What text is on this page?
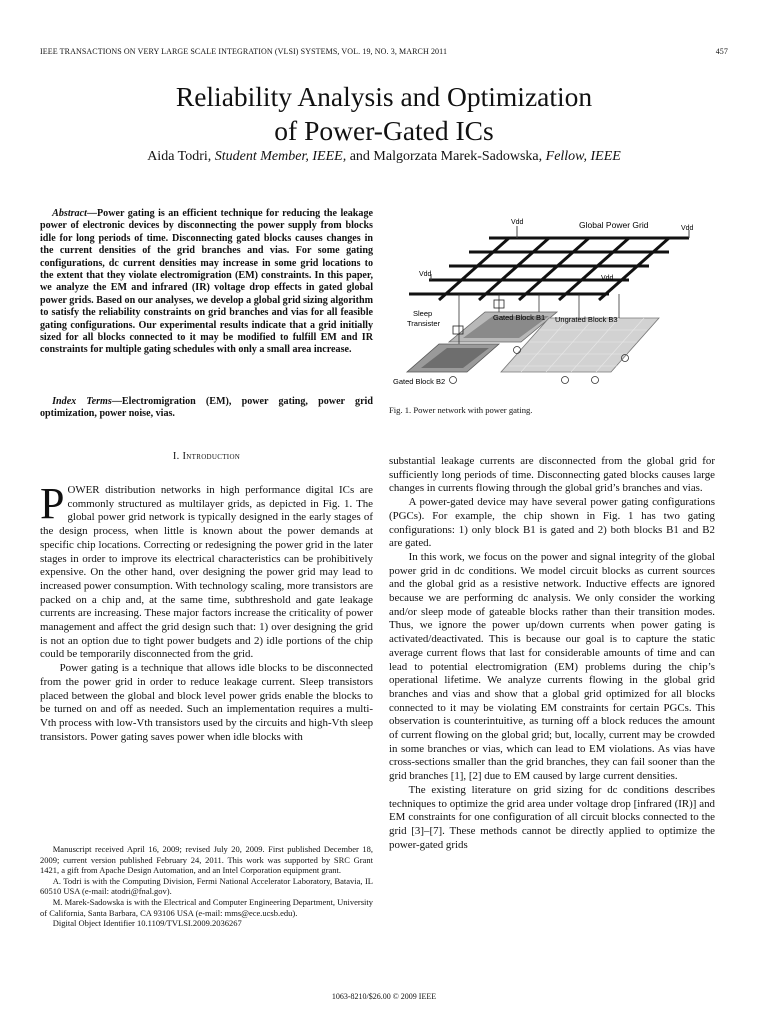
IEEE TRANSACTIONS ON VERY LARGE SCALE INTEGRATION (VLSI) SYSTEMS, VOL. 19, NO. 3, MARCH 2011	457
Reliability Analysis and Optimization
of Power-Gated ICs
Aida Todri, Student Member, IEEE, and Malgorzata Marek-Sadowska, Fellow, IEEE
Abstract—Power gating is an efficient technique for reducing the leakage power of electronic devices by disconnecting the power supply from blocks idle for long periods of time. Disconnecting gated blocks causes changes in the current densities of the grid branches and vias. For some gating configurations, dc current densities may increase in some grid locations to the extent that they violate electromigration (EM) constraints. In this paper, we analyze the EM and infrared (IR) voltage drop effects in gated global power grids. Based on our analyses, we develop a global grid sizing algorithm to satisfy the reliability constraints on grid branches and vias for all feasible gating configurations. Our experimental results indicate that a grid initially sized for all blocks connected to it may be modified to fulfill EM and IR constraints for multiple gating schedules with only a small area increase.
Index Terms—Electromigration (EM), power gating, power grid optimization, power noise, vias.
I. Introduction

POWER distribution networks in high performance digital ICs are commonly structured as multilayer grids, as depicted in Fig. 1. The global power grid network is typically designed in the early stages of the design process, when little is known about the power demands at specific chip locations. Correcting or redesigning the power grid in the later stages in order to improve its electrical characteristics can be prohibitively expensive. On the other hand, over designing the power grid may lead to increased power consumption. With technology scaling, more transistors are packed on a chip and, at the same time, subthreshold and gate leakage currents are increasing. These major factors increase the criticality of power management and affect the grid design such that: 1) over designing the grid is not an option due to tight power budgets and 2) idle portions of the chip could be temporarily disconnected from the grid.

Power gating is a technique that allows idle blocks to be disconnected from the power grid in order to reduce leakage current. Sleep transistors placed between the global and block level power grids enable the blocks to be turned on and off as needed. Such an implementation requires a multi-Vth process with low-Vth transistors used by the circuits and high-Vth sleep transistors. Power gating saves power when idle blocks with

Manuscript received April 16, 2009; revised July 20, 2009. First published December 18, 2009; current version published February 24, 2011. This work was supported by SRC Grant 1421, a gift from Apache Design Automation, and an Intel Corporation equipment grant.

A. Todri is with the Computing Division, Fermi National Accelerator Laboratory, Batavia, IL 60510 USA (e-mail: atodri@fnal.gov).

M. Marek-Sadowska is with the Electrical and Computer Engineering Department, University of California, Santa Barbara, CA 93106 USA (e-mail: mms@ece.ucsb.edu).

Digital Object Identifier 10.1109/TVLSI.2009.2036267

Vdd	Global Power Grid	Vdd
Vdd
Vdd
Sleep
Transister
Gated Block B1 Ungrated Block B3
Gated Block B2
Fig. 1. Power network with power gating.

substantial leakage currents are disconnected from the global grid for sufficiently long periods of time. Disconnecting gated blocks causes large changes in currents flowing through the global grid’s branches and vias.

A power-gated device may have several power gating configurations (PGCs). For example, the chip shown in Fig. 1 has two gating configurations: 1) only block B1 is gated and 2) both blocks B1 and B2 are gated.

In this work, we focus on the power and signal integrity of the global power grid in dc conditions. We model circuit blocks as current sources and the global grid as a resistive network. Inductive effects are ignored because we are performing dc analysis. We only consider the working and/or sleep mode of gateable blocks rather than their transition modes. Thus, we ignore the power up/down currents when power gating is activated/deactivated. This is because our goal is to capture the static average current flows that last for considerable amounts of time and can lead to potential electromigration (EM) problems during the chip’s operational lifetime. We analyze currents flowing in the global grid branches and vias and show that a global grid optimized for all blocks connected to it may be violating EM constraints for certain PGCs. This observation is counterintuitive, as turning off a block reduces the amount of current flowing on the global grid; but, locally, current may be crowded in some branches or vias, which can lead to EM violations. As vias have cross-sections smaller than the grid branches, they can fail sooner than the grid branches [1], [2] due to EM caused by large current densities.

The existing literature on grid sizing for dc conditions describes techniques to optimize the grid area under voltage drop [infrared (IR)] and EM constraints for one configuration of all circuit blocks connected to the grid [3]–[7]. These methods cannot be directly applied to optimize the power-gated grids

1063-8210/$26.00 © 2009 IEEE
